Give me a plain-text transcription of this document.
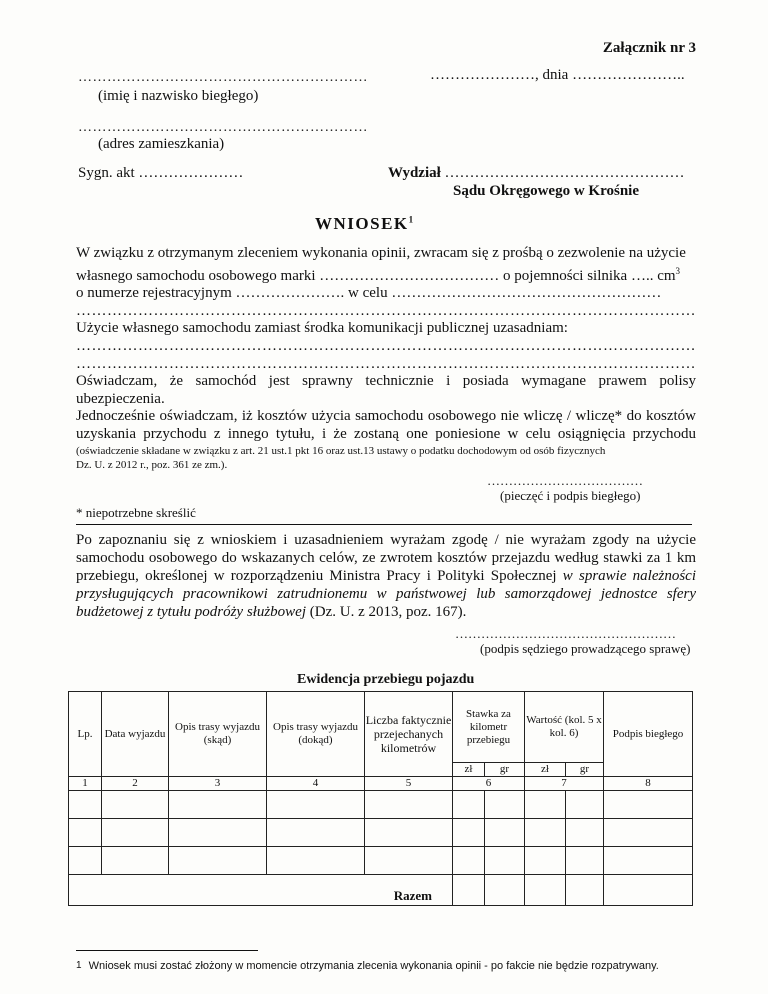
Załącznik nr 3
……………………………………………………
(imię i nazwisko biegłego)
…………………, dnia …………………..
……………………………………………………
(adres zamieszkania)
Sygn. akt …………………	Wydział …………………………………………
Sądu Okręgowego w Krośnie
WNIOSEK$^1$
W związku z otrzymanym zleceniem wykonania opinii, zwracam się z prośbą o zezwolenie na użycie
własnego samochodu osobowego marki ……………………………… o pojemności silnika ….. $cm^3$
o numerze rejestracyjnym …………………. w celu ………………………………………………
…………………………………………………………………………………………………………
Użycie własnego samochodu zamiast środka komunikacji publicznej uzasadniam:
…………………………………………………………………………………………………………
…………………………………………………………………………………………………………
Oświadczam, że samochód jest sprawny technicznie i posiada wymagane prawem polisy
ubezpieczenia.
Jednocześnie oświadczam, iż kosztów użycia samochodu osobowego nie wliczę / wliczę* do kosztów
uzyskania przychodu z innego tytułu, i że zostaną one poniesione w celu osiągnięcia przychodu
(oświadczenie składane w związku z art. 21 ust.1 pkt 16 oraz ust.13 ustawy o podatku dochodowym od osób fizycznych
Dz. U. z 2012 r., poz. 361 ze zm.).
………………………………
(pieczęć i podpis biegłego)
* niepotrzebne skreślić
Po zapoznaniu się z wnioskiem i uzasadnieniem wyrażam zgodę / nie wyrażam zgody na użycie
samochodu osobowego do wskazanych celów, ze zwrotem kosztów przejazdu według stawki za 1 km
przebiegu, określonej w rozporządzeniu Ministra Pracy i Polityki Społecznej w sprawie należności
przysługujących pracownikowi zatrudnionemu w państwowej lub samorządowej jednostce sfery
budżetowej z tytułu podróży służbowej (Dz. U. z 2013, poz. 167).
……………………………………………
(podpis sędziego prowadzącego sprawę)
Ewidencja przebiegu pojazdu
Lp.	Data wyjazdu	Opis trasy wyjazdu (skąd)	Opis trasy wyjazdu (dokąd)	Liczba faktycznie przejechanych kilometrów	Stawka za kilometr przebiegu		Wartość (kol. 5 x kol. 6)		Podpis biegłego
					zł	gr	zł	gr	
1	2	3	4	5	6		7		8

Razem									
1 Wniosek musi zostać złożony w momencie otrzymania zlecenia wykonania opinii - po fakcie nie będzie rozpatrywany.
